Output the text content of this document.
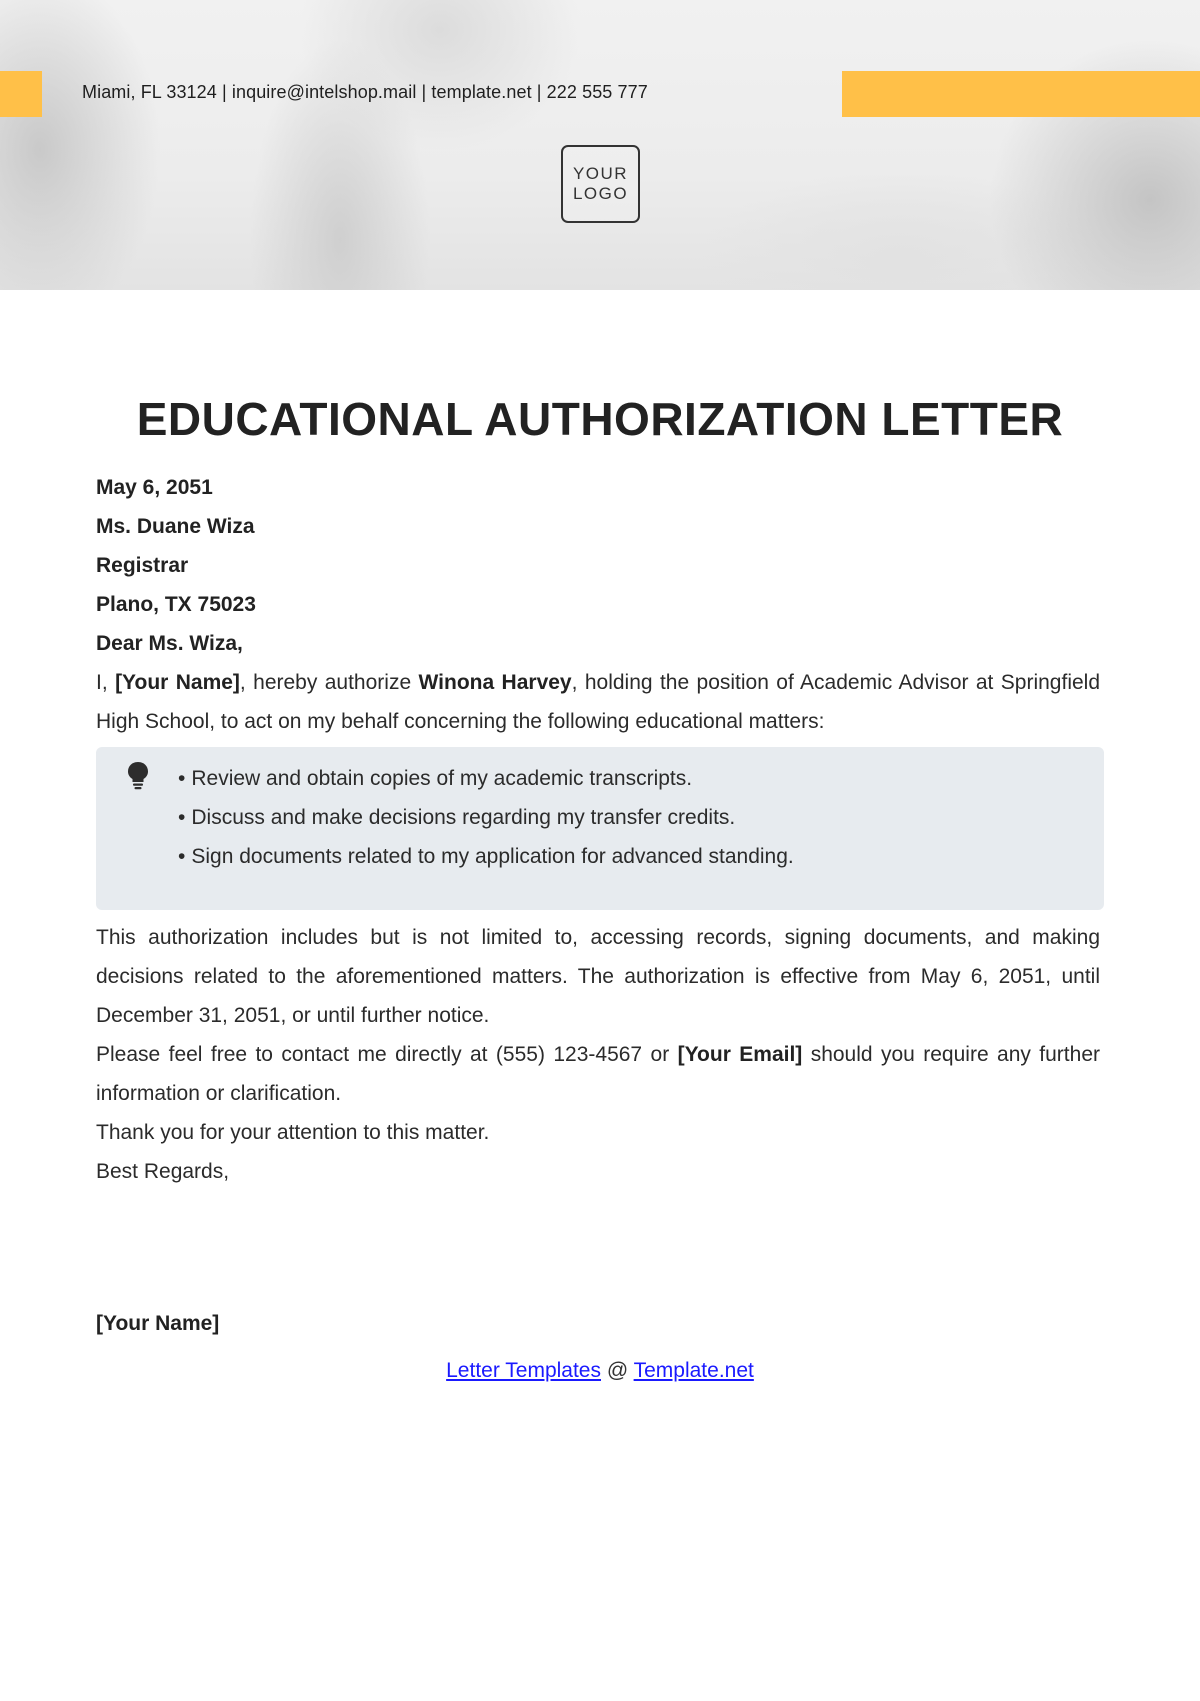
Miami, FL 33124 | inquire@intelshop.mail | template.net | 222 555 777
YOUR
LOGO
EDUCATIONAL AUTHORIZATION LETTER
May 6, 2051
Ms. Duane Wiza
Registrar
Plano, TX 75023
Dear Ms. Wiza,

I, [Your Name], hereby authorize Winona Harvey, holding the position of Academic Advisor at Springfield High School, to act on my behalf concerning the following educational matters:

• Review and obtain copies of my academic transcripts.
• Discuss and make decisions regarding my transfer credits.
• Sign documents related to my application for advanced standing.

This authorization includes but is not limited to, accessing records, signing documents, and making decisions related to the aforementioned matters. The authorization is effective from May 6, 2051, until December 31, 2051, or until further notice.

Please feel free to contact me directly at (555) 123-4567 or [Your Email] should you require any further information or clarification.

Thank you for your attention to this matter.

Best Regards,

[Your Name]
Letter Templates @ Template.net
